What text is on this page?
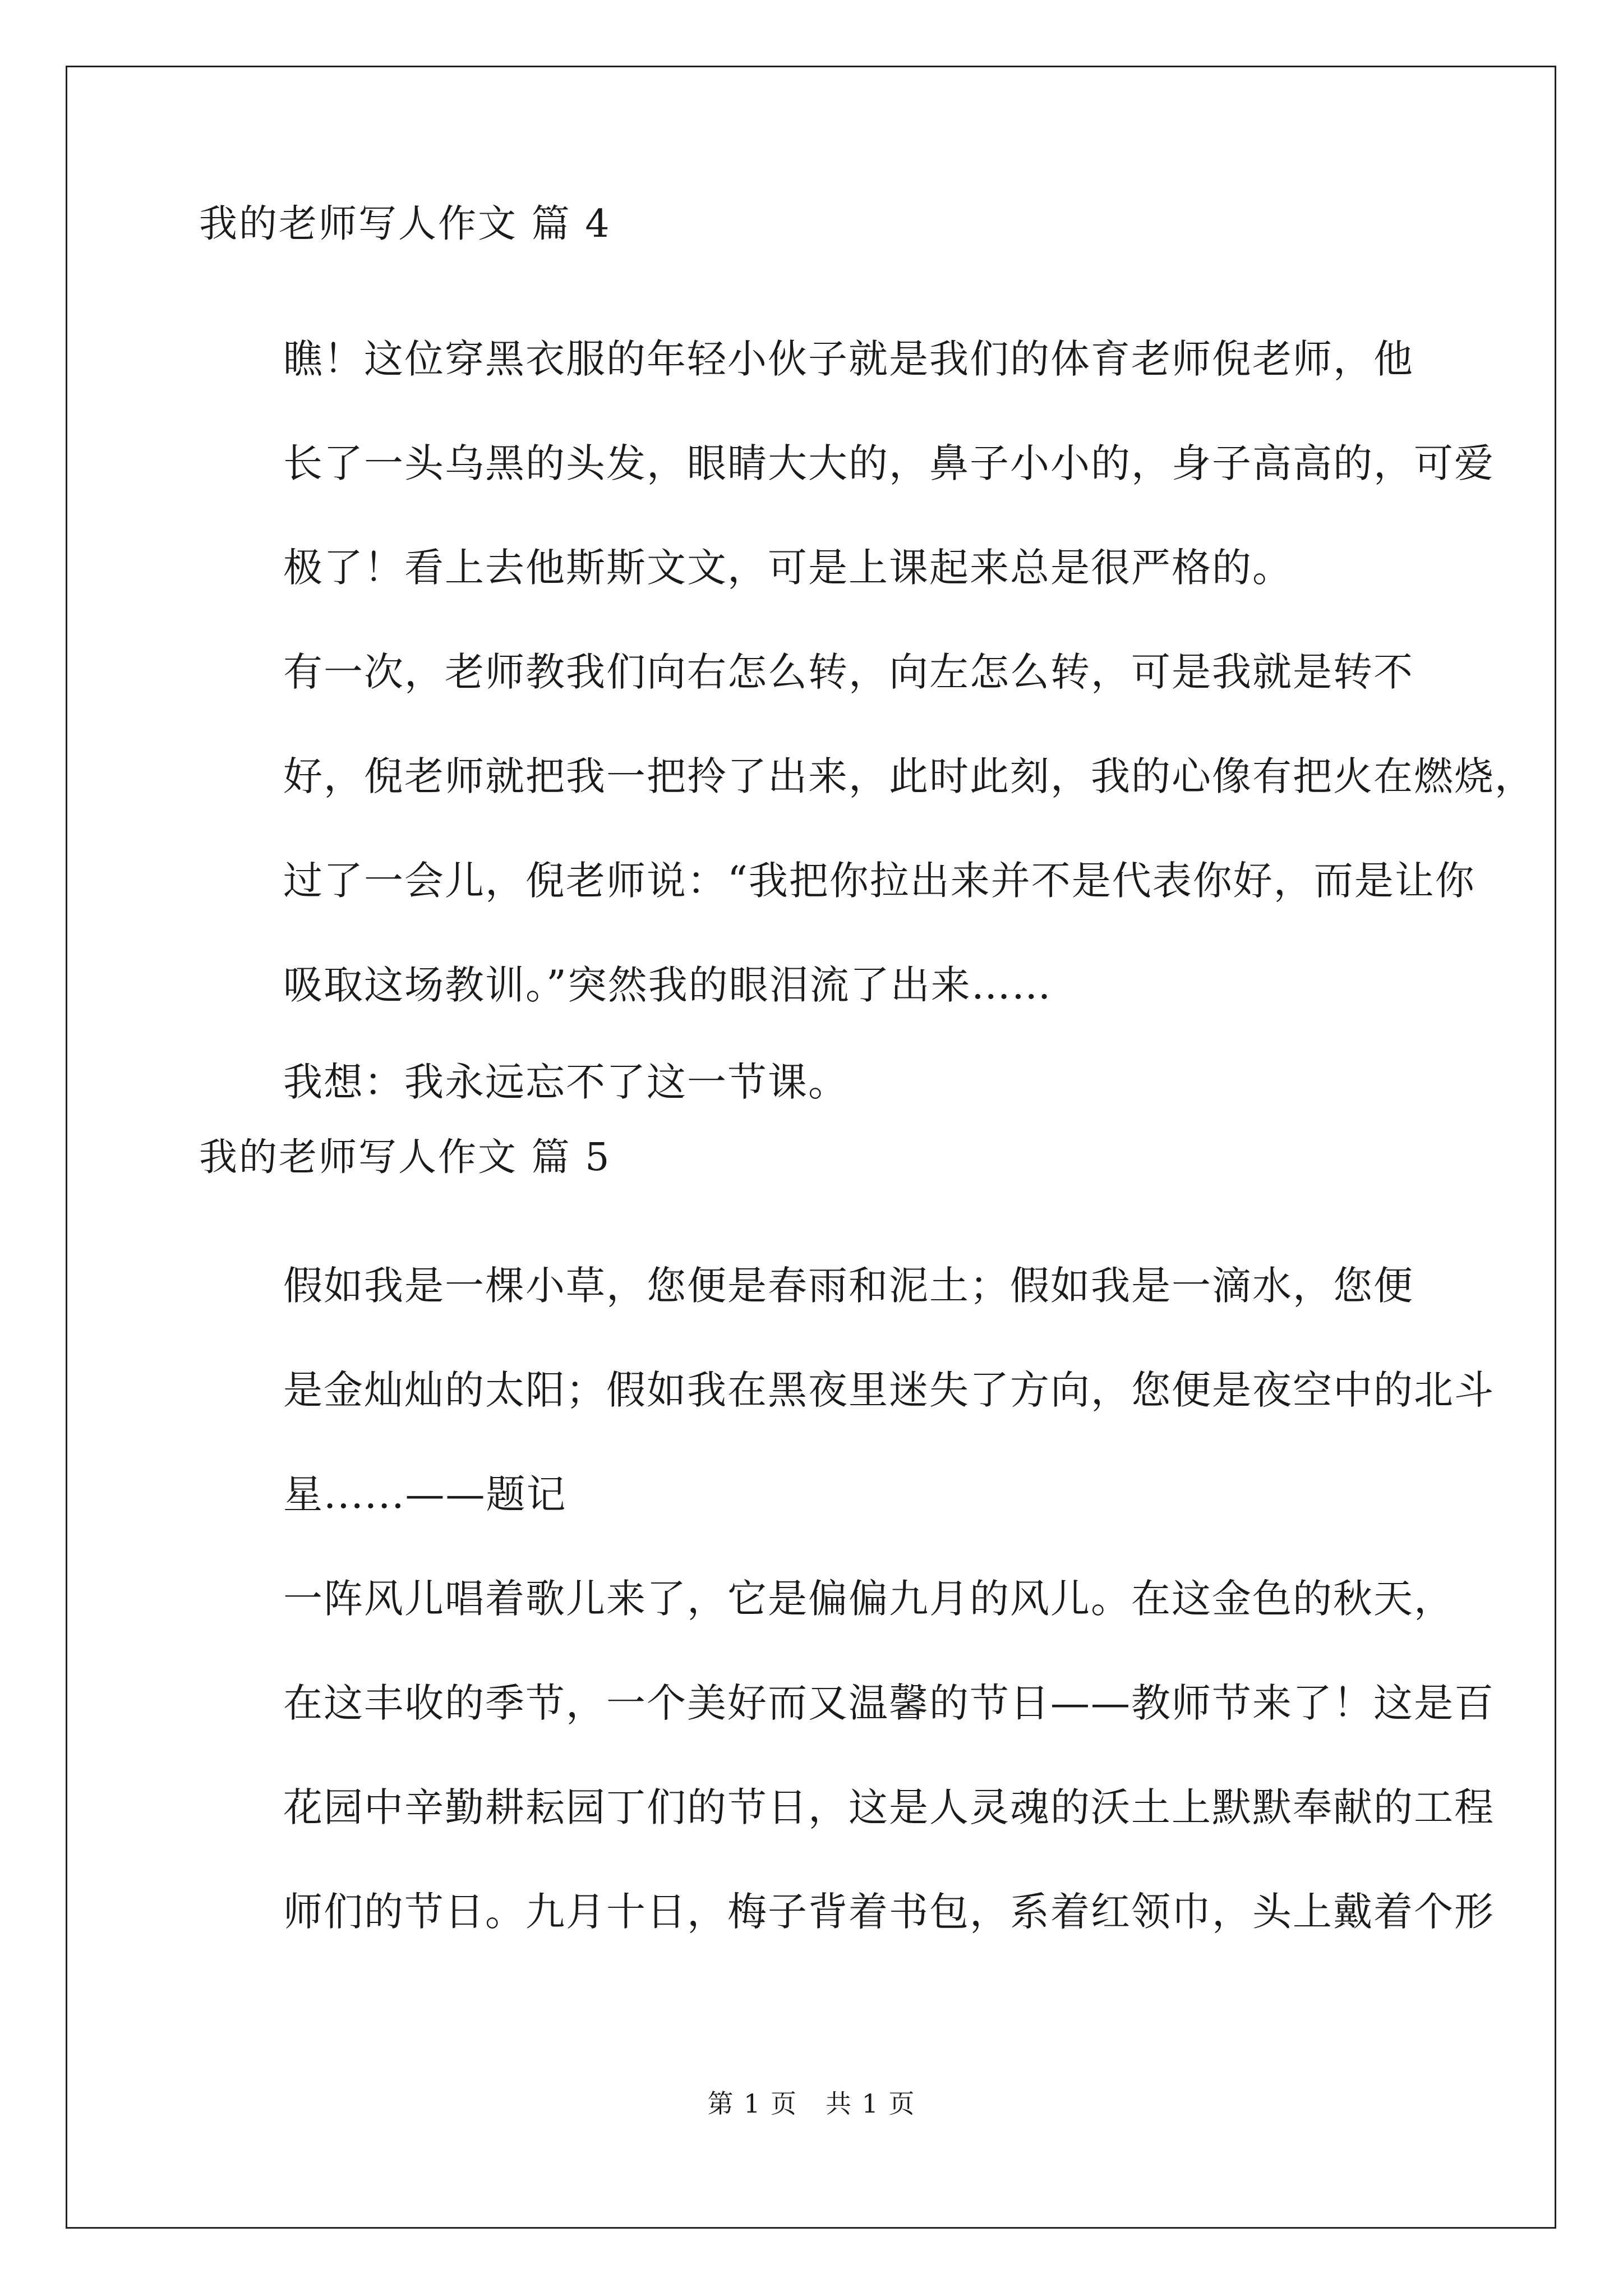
我的老师写人作文 篇 4

瞧！这位穿黑衣服的年轻小伙子就是我们的体育老师倪老师，他
长了一头乌黑的头发，眼睛大大的，鼻子小小的，身子高高的，可爱
极了！看上去他斯斯文文，可是上课起来总是很严格的。

有一次，老师教我们向右怎么转，向左怎么转，可是我就是转不
好，倪老师就把我一把拎了出来，此时此刻，我的心像有把火在燃烧，
过了一会儿，倪老师说：“我把你拉出来并不是代表你好，而是让你
吸取这场教训。”突然我的眼泪流了出来……

我想：我永远忘不了这一节课。

我的老师写人作文 篇 5

假如我是一棵小草，您便是春雨和泥土；假如我是一滴水，您便
是金灿灿的太阳；假如我在黑夜里迷失了方向，您便是夜空中的北斗
星......——题记

一阵风儿唱着歌儿来了，它是偏偏九月的风儿。在这金色的秋天，
在这丰收的季节，一个美好而又温馨的节日——教师节来了！这是百
花园中辛勤耕耘园丁们的节日，这是人灵魂的沃土上默默奉献的工程
师们的节日。九月十日，梅子背着书包，系着红领巾，头上戴着个形

第 1 页 共 1 页
